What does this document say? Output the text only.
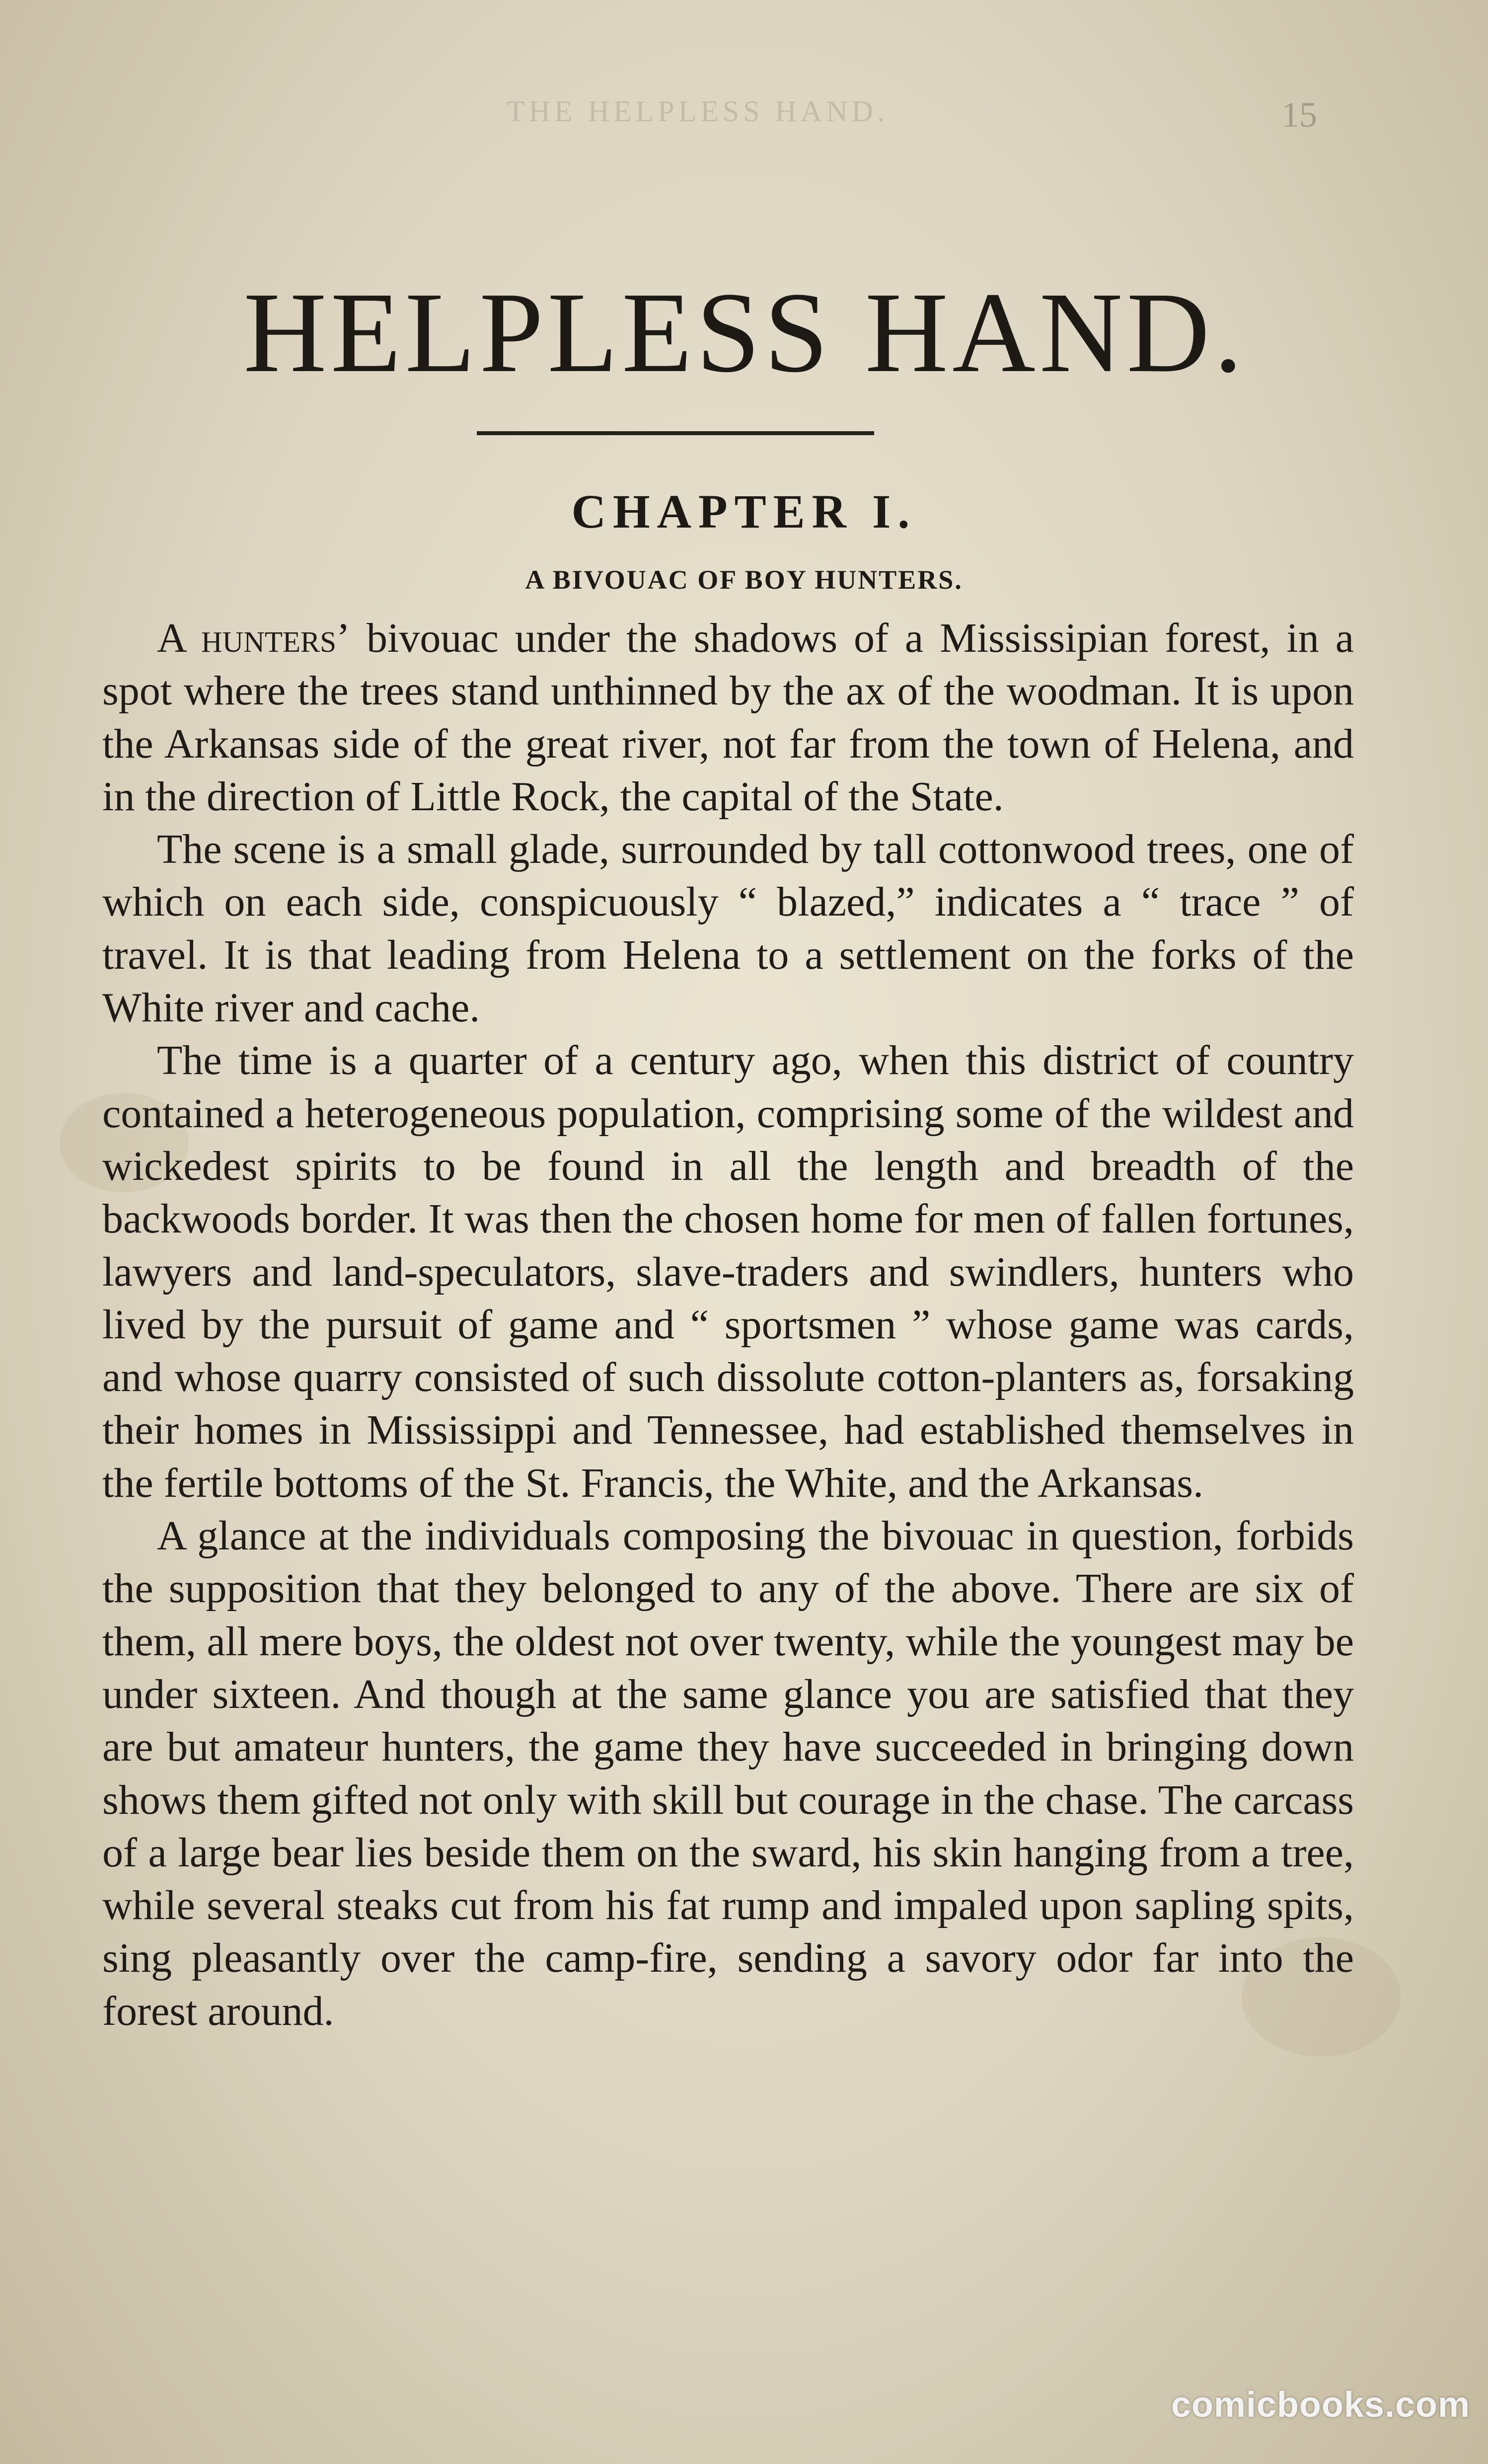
THE HELPLESS HAND.	15
HELPLESS HAND.
CHAPTER I.
A BIVOUAC OF BOY HUNTERS.

A hunters’ bivouac under the shadows of a Mississipian forest, in a spot where the trees stand unthinned by the ax of the woodman. It is upon the Arkansas side of the great river, not far from the town of Helena, and in the direction of Little Rock, the capital of the State.

The scene is a small glade, surrounded by tall cottonwood trees, one of which on each side, conspicuously “ blazed,” indicates a “ trace ” of travel. It is that leading from Helena to a settlement on the forks of the White river and cache.

The time is a quarter of a century ago, when this district of country contained a heterogeneous population, comprising some of the wildest and wickedest spirits to be found in all the length and breadth of the backwoods border. It was then the chosen home for men of fallen fortunes, lawyers and land-speculators, slave-traders and swindlers, hunters who lived by the pursuit of game and “ sportsmen ” whose game was cards, and whose quarry consisted of such dissolute cotton-planters as, forsaking their homes in Mississippi and Tennessee, had established themselves in the fertile bottoms of the St. Francis, the White, and the Arkansas.

A glance at the individuals composing the bivouac in question, forbids the supposition that they belonged to any of the above. There are six of them, all mere boys, the oldest not over twenty, while the youngest may be under sixteen. And though at the same glance you are satisfied that they are but amateur hunters, the game they have succeeded in bringing down shows them gifted not only with skill but courage in the chase. The carcass of a large bear lies beside them on the sward, his skin hanging from a tree, while several steaks cut from his fat rump and impaled upon sapling spits, sing pleasantly over the camp-fire, sending a savory odor far into the forest around.

comicbooks.com
